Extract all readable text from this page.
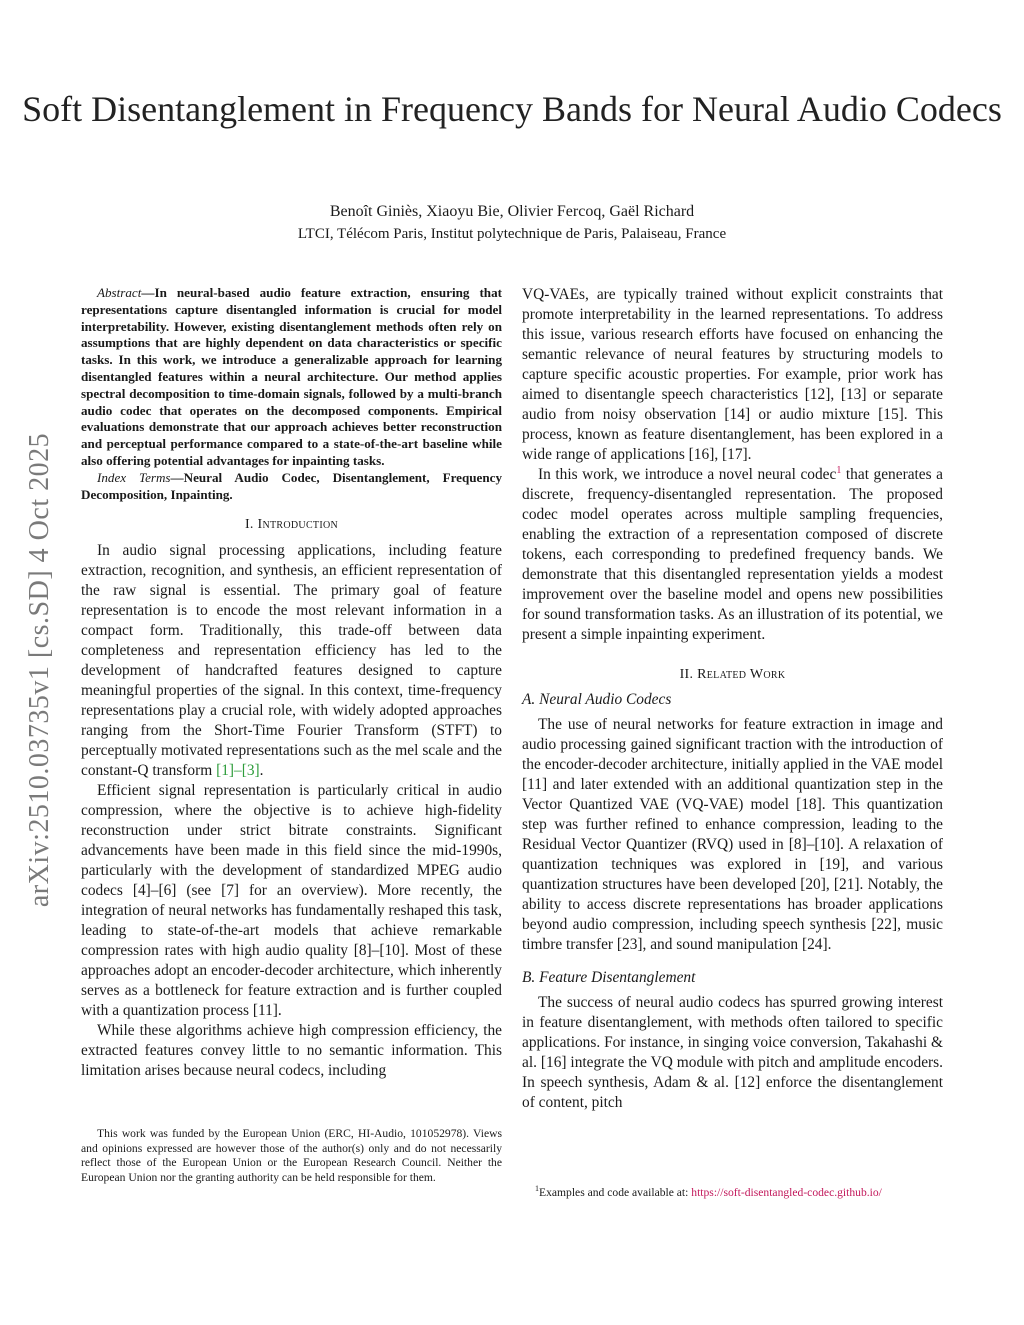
Soft Disentanglement in Frequency Bands for Neural Audio Codecs
Benoît Giniès, Xiaoyu Bie, Olivier Fercoq, Gaël Richard
LTCI, Télécom Paris, Institut polytechnique de Paris, Palaiseau, France
arXiv:2510.03735v1 [cs.SD] 4 Oct 2025

Abstract—In neural-based audio feature extraction, ensuring that representations capture disentangled information is crucial for model interpretability. However, existing disentanglement methods often rely on assumptions that are highly dependent on data characteristics or specific tasks. In this work, we introduce a generalizable approach for learning disentangled features within a neural architecture. Our method applies spectral decomposition to time-domain signals, followed by a multi-branch audio codec that operates on the decomposed components. Empirical evaluations demonstrate that our approach achieves better reconstruction and perceptual performance compared to a state-of-the-art baseline while also offering potential advantages for inpainting tasks.

Index Terms—Neural Audio Codec, Disentanglement, Frequency Decomposition, Inpainting.

I. Introduction

In audio signal processing applications, including feature extraction, recognition, and synthesis, an efficient representation of the raw signal is essential. The primary goal of feature representation is to encode the most relevant information in a compact form. Traditionally, this trade-off between data completeness and representation efficiency has led to the development of handcrafted features designed to capture meaningful properties of the signal. In this context, time-frequency representations play a crucial role, with widely adopted approaches ranging from the Short-Time Fourier Transform (STFT) to perceptually motivated representations such as the mel scale and the constant-Q transform [1]–[3].

Efficient signal representation is particularly critical in audio compression, where the objective is to achieve high-fidelity reconstruction under strict bitrate constraints. Significant advancements have been made in this field since the mid-1990s, particularly with the development of standardized MPEG audio codecs [4]–[6] (see [7] for an overview). More recently, the integration of neural networks has fundamentally reshaped this task, leading to state-of-the-art models that achieve remarkable compression rates with high audio quality [8]–[10]. Most of these approaches adopt an encoder-decoder architecture, which inherently serves as a bottleneck for feature extraction and is further coupled with a quantization process [11].

While these algorithms achieve high compression efficiency, the extracted features convey little to no semantic information. This limitation arises because neural codecs, including

VQ-VAEs, are typically trained without explicit constraints that promote interpretability in the learned representations. To address this issue, various research efforts have focused on enhancing the semantic relevance of neural features by structuring models to capture specific acoustic properties. For example, prior work has aimed to disentangle speech characteristics [12], [13] or separate audio from noisy observation [14] or audio mixture [15]. This process, known as feature disentanglement, has been explored in a wide range of applications [16], [17].

In this work, we introduce a novel neural codec$^1$ that generates a discrete, frequency-disentangled representation. The proposed codec model operates across multiple sampling frequencies, enabling the extraction of a representation composed of discrete tokens, each corresponding to predefined frequency bands. We demonstrate that this disentangled representation yields a modest improvement over the baseline model and opens new possibilities for sound transformation tasks. As an illustration of its potential, we present a simple inpainting experiment.

II. Related Work
A. Neural Audio Codecs

The use of neural networks for feature extraction in image and audio processing gained significant traction with the introduction of the encoder-decoder architecture, initially applied in the VAE model [11] and later extended with an additional quantization step in the Vector Quantized VAE (VQ-VAE) model [18]. This quantization step was further refined to enhance compression, leading to the Residual Vector Quantizer (RVQ) used in [8]–[10]. A relaxation of quantization techniques was explored in [19], and various quantization structures have been developed [20], [21]. Notably, the ability to access discrete representations has broader applications beyond audio compression, including speech synthesis [22], music timbre transfer [23], and sound manipulation [24].

B. Feature Disentanglement

The success of neural audio codecs has spurred growing interest in feature disentanglement, with methods often tailored to specific applications. For instance, in singing voice conversion, Takahashi & al. [16] integrate the VQ module with pitch and amplitude encoders. In speech synthesis, Adam & al. [12] enforce the disentanglement of content, pitch

This work was funded by the European Union (ERC, HI-Audio, 101052978). Views and opinions expressed are however those of the author(s) only and do not necessarily reflect those of the European Union or the European Research Council. Neither the European Union nor the granting authority can be held responsible for them.

$^1$Examples and code available at: https://soft-disentangled-codec.github.io/
